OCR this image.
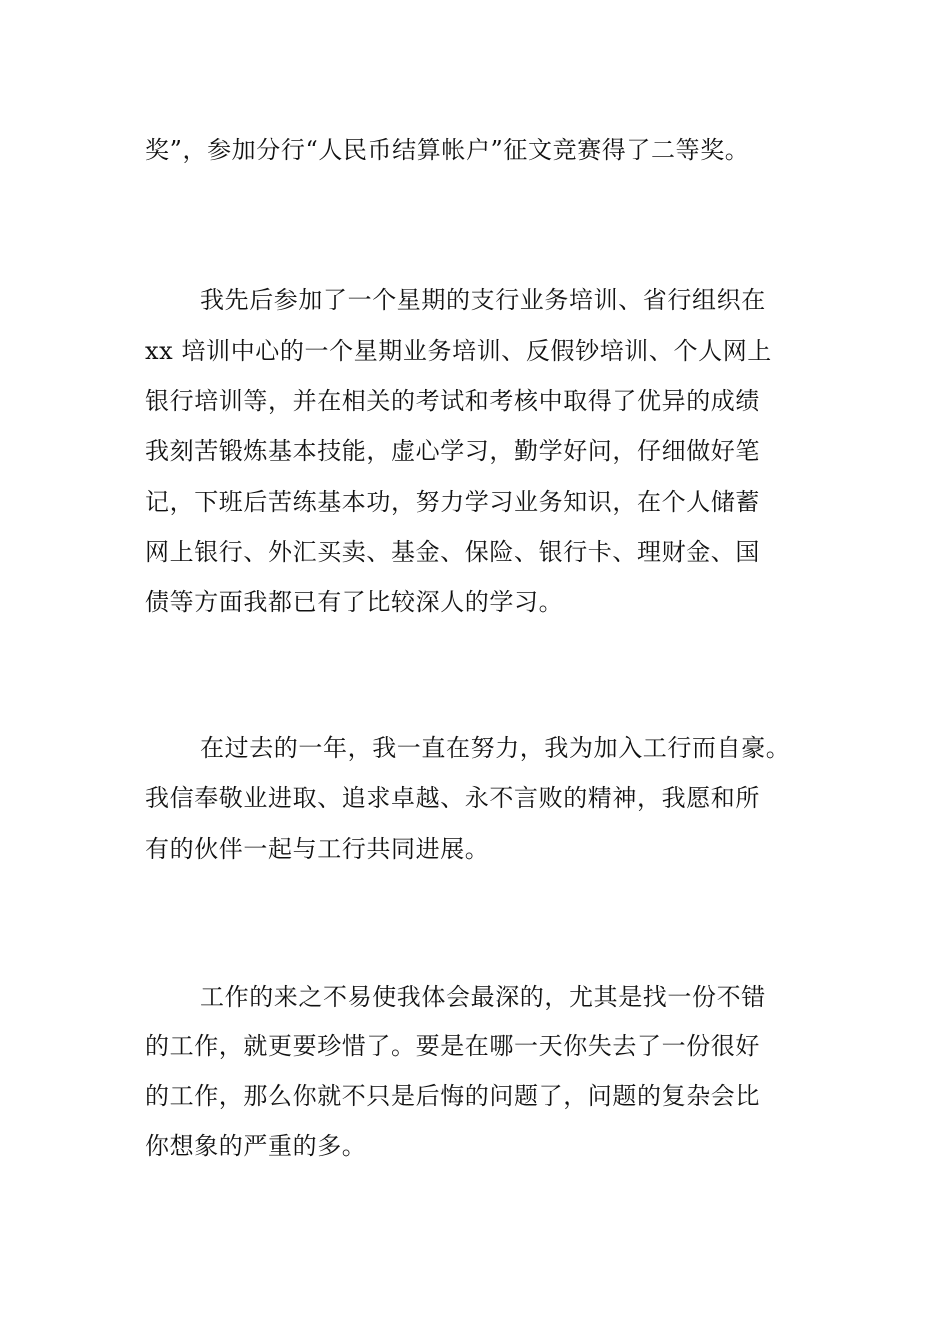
奖”，参加分行“人民币结算帐户”征文竞赛得了二等奖。
我先后参加了一个星期的支行业务培训、省行组织在
xx 培训中心的一个星期业务培训、反假钞培训、个人网上
银行培训等，并在相关的考试和考核中取得了优异的成绩
我刻苦锻炼基本技能，虚心学习，勤学好问，仔细做好笔
记，下班后苦练基本功，努力学习业务知识，在个人储蓄
网上银行、外汇买卖、基金、保险、银行卡、理财金、国
债等方面我都已有了比较深人的学习。
在过去的一年，我一直在努力，我为加入工行而自豪。
我信奉敬业进取、追求卓越、永不言败的精神，我愿和所
有的伙伴一起与工行共同进展。
工作的来之不易使我体会最深的，尤其是找一份不错
的工作，就更要珍惜了。要是在哪一天你失去了一份很好
的工作，那么你就不只是后悔的问题了，问题的复杂会比
你想象的严重的多。
